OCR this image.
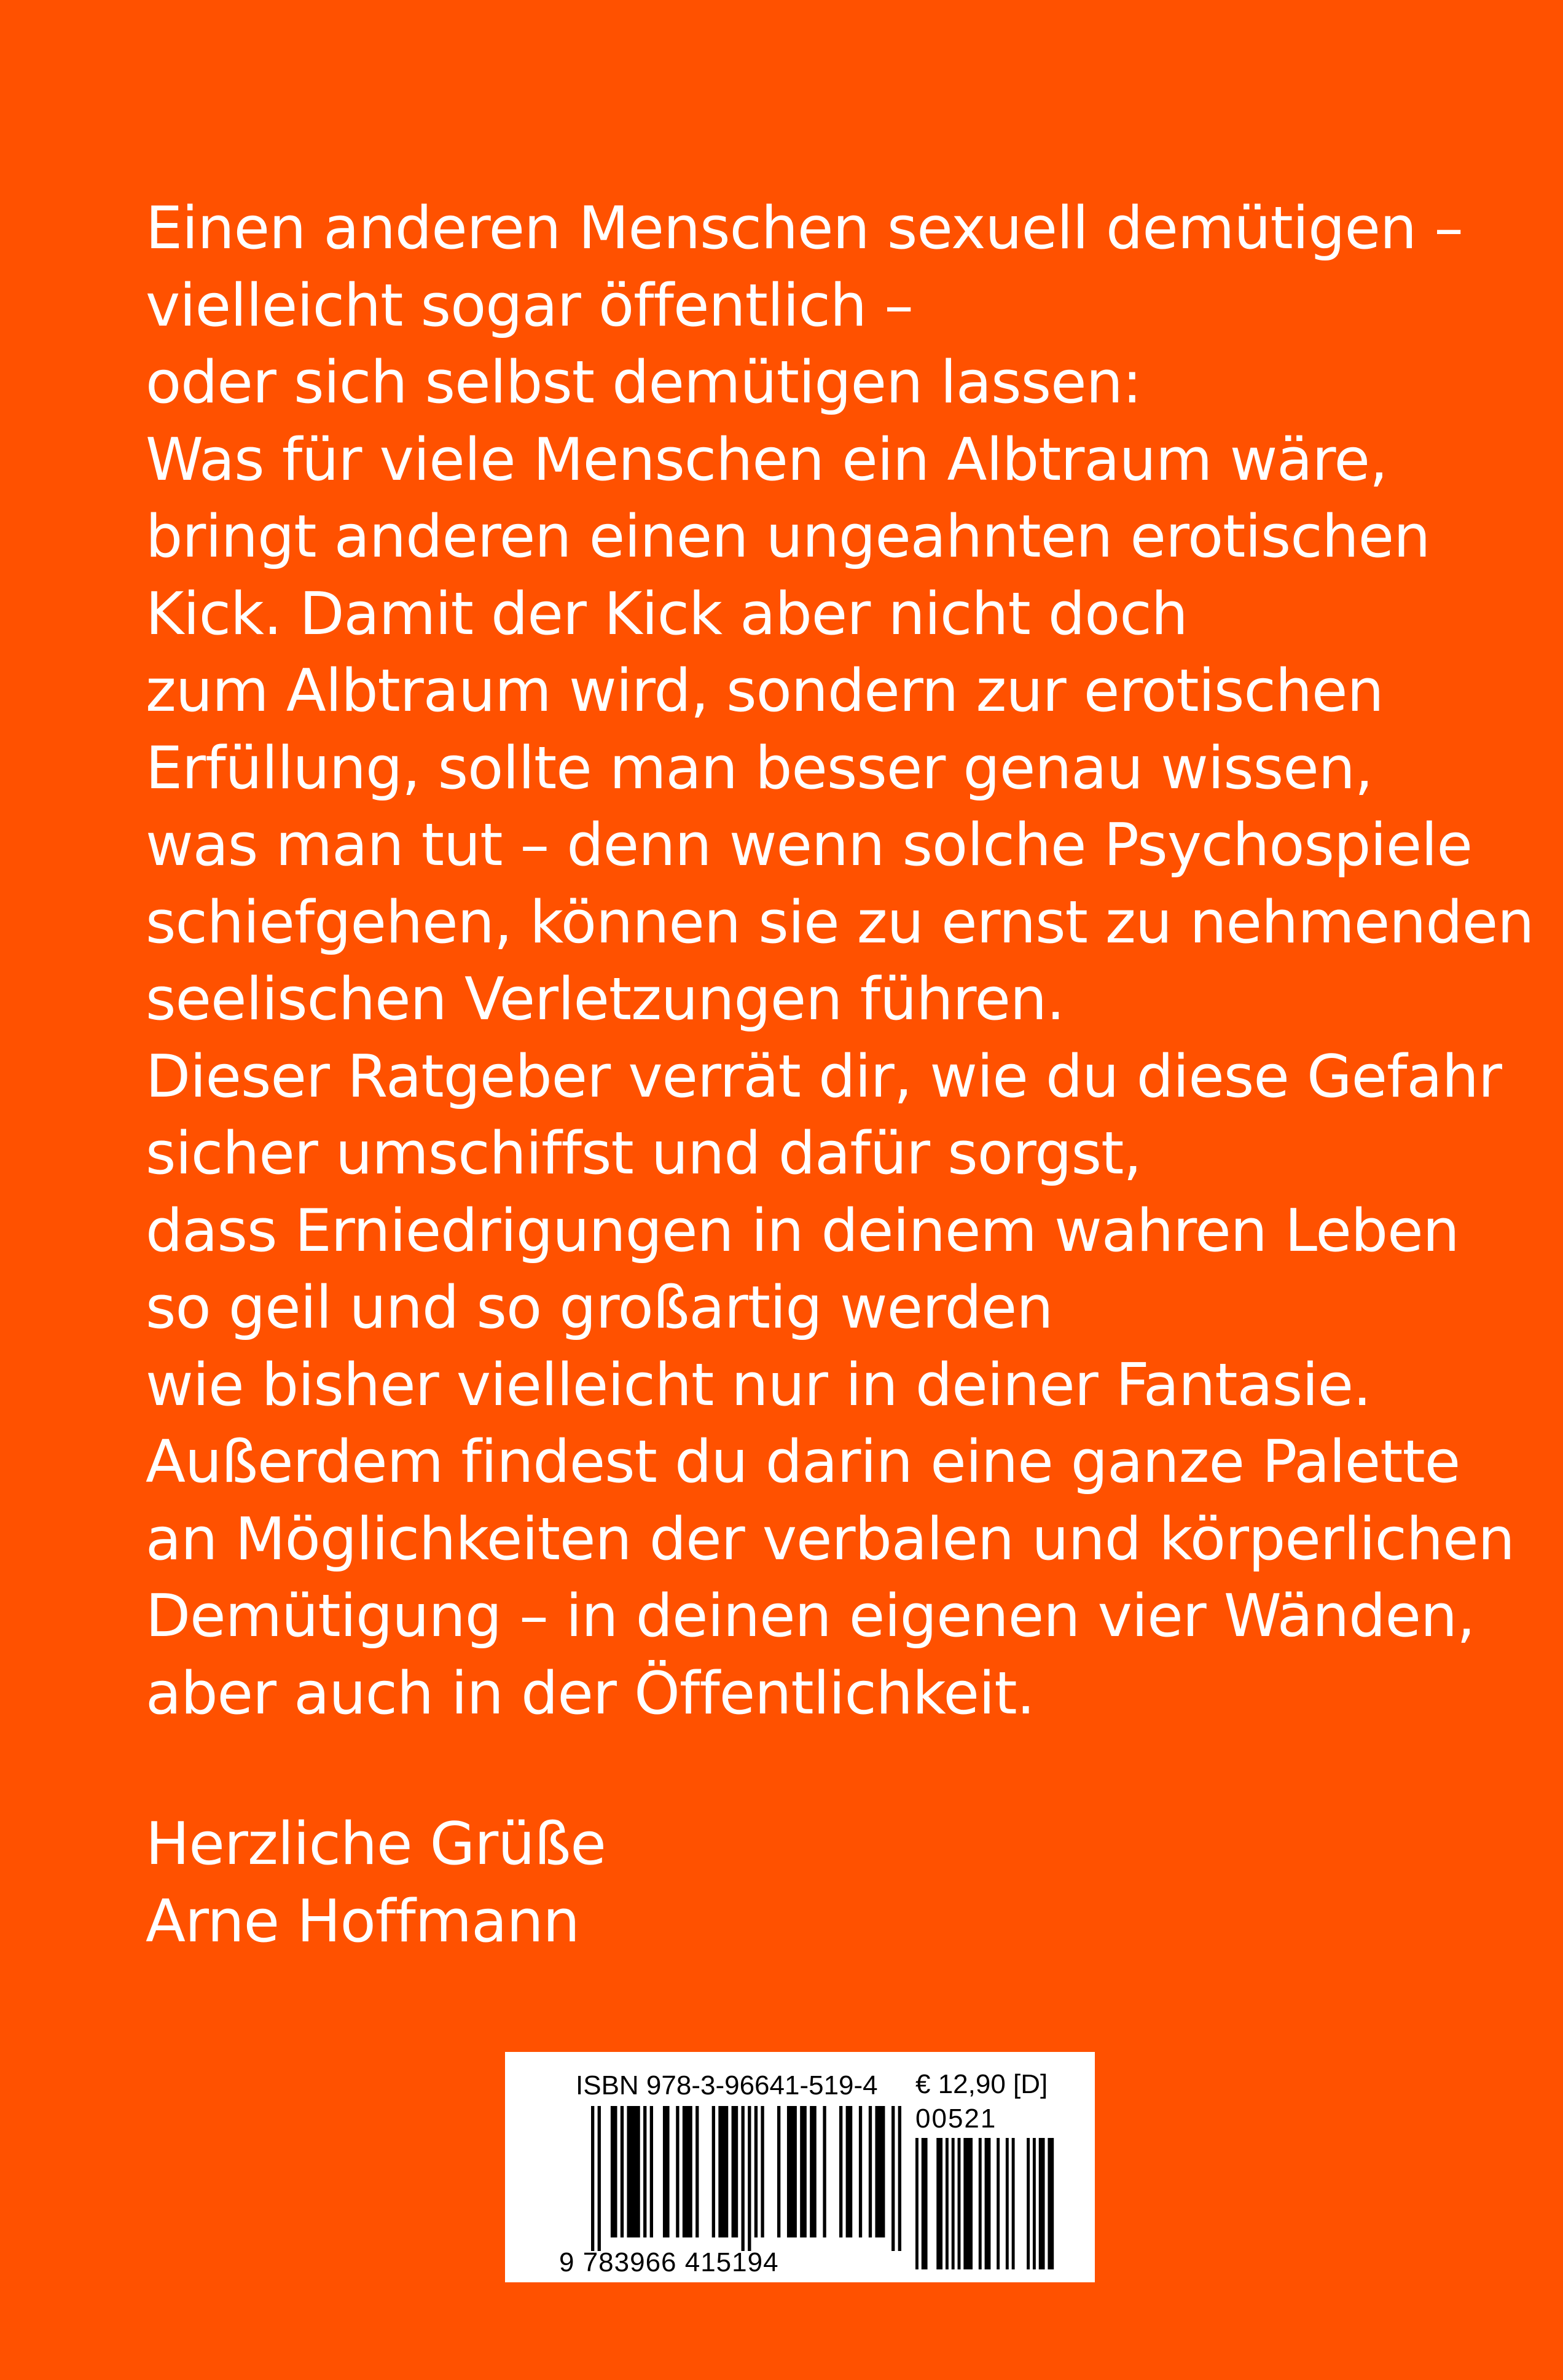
Einen anderen Menschen sexuell demütigen –
vielleicht sogar öffentlich –
oder sich selbst demütigen lassen:
Was für viele Menschen ein Albtraum wäre,
bringt anderen einen ungeahnten erotischen
Kick. Damit der Kick aber nicht doch
zum Albtraum wird, sondern zur erotischen
Erfüllung, sollte man besser genau wissen,
was man tut – denn wenn solche Psychospiele
schiefgehen, können sie zu ernst zu nehmenden
seelischen Verletzungen führen.
Dieser Ratgeber verrät dir, wie du diese Gefahr
sicher umschiffst und dafür sorgst,
dass Erniedrigungen in deinem wahren Leben
so geil und so großartig werden
wie bisher vielleicht nur in deiner Fantasie.
Außerdem findest du darin eine ganze Palette
an Möglichkeiten der verbalen und körperlichen
Demütigung – in deinen eigenen vier Wänden,
aber auch in der Öffentlichkeit.
Herzliche Grüße
Arne Hoffmann
ISBN 978-3-96641-519-4 € 12,90 [D]
00521
9 783966 415194
